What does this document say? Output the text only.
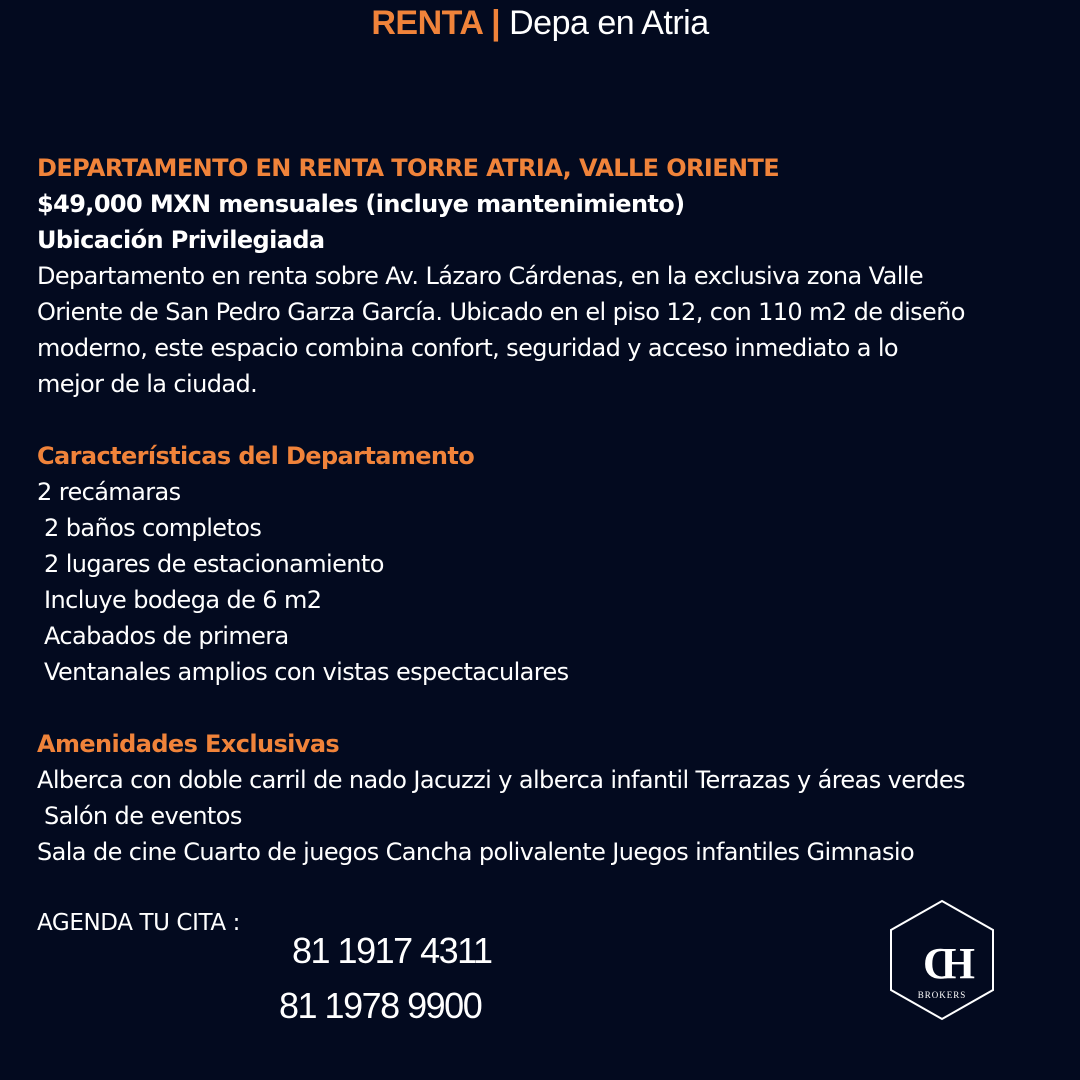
RENTA | Depa en Atria

DEPARTAMENTO EN RENTA TORRE ATRIA, VALLE ORIENTE

$49,000 MXN mensuales (incluye mantenimiento)

Ubicación Privilegiada

Departamento en renta sobre Av. Lázaro Cárdenas, en la exclusiva zona Valle

Oriente de San Pedro Garza García. Ubicado en el piso 12, con 110 m2 de diseño

moderno, este espacio combina confort, seguridad y acceso inmediato a lo

mejor de la ciudad.

Características del Departamento

2 recámaras

2 baños completos

2 lugares de estacionamiento

Incluye bodega de 6 m2

Acabados de primera

Ventanales amplios con vistas espectaculares

Amenidades Exclusivas

Alberca con doble carril de nado Jacuzzi y alberca infantil Terrazas y áreas verdes

Salón de eventos

Sala de cine Cuarto de juegos Cancha polivalente Juegos infantiles Gimnasio

AGENDA TU CITA :
81 1917 4311
81 1978 9900
CH
BROKERS
